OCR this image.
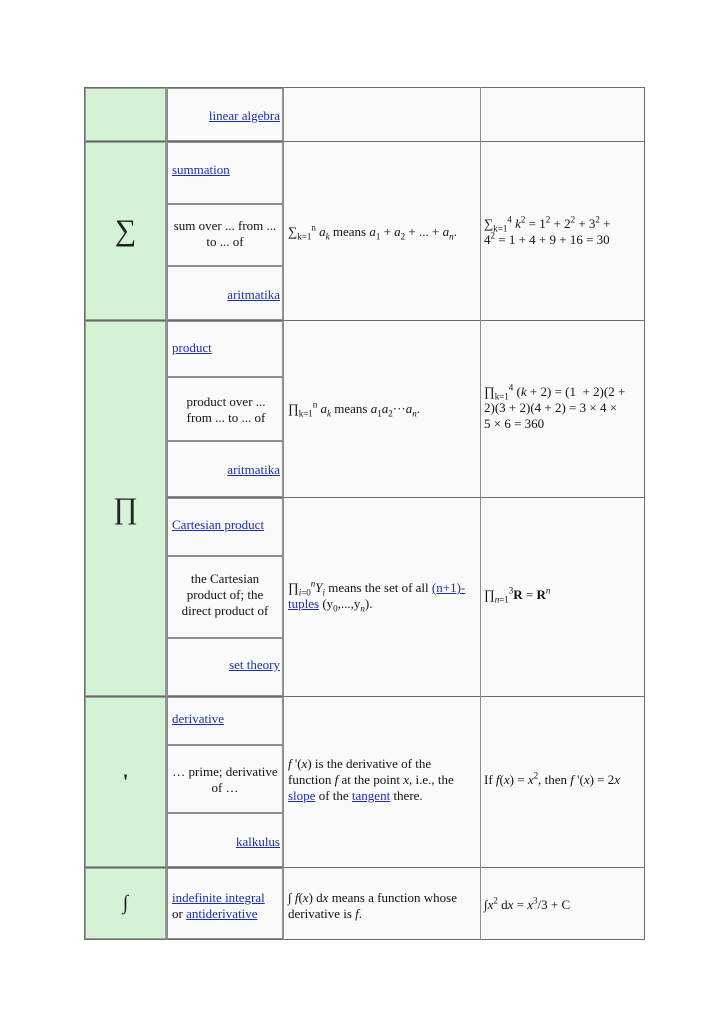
linear algebra
∑
summation
sum over ... from ... to ... of
aritmatika
$\sum_{k=1}^n$ $a_k$ means $a_1 + a_2$ + ... + $a_n$.
$\sum_{k=1}^4$ $k^2 = 1^2 + 2^2 + 3^2$ +
$4^2 = 1 + 4 + 9 + 16 = 30$
∏
product
product over ... from ... to ... of
aritmatika
$\prod_{k=1}^n$ $a_k$ means $a_1a_2\cdot\cdot\cdot a_n$.
$\prod_{k=1}^4$ (k + 2) = (1  + 2)(2 +
2)(3 + 2)(4 + 2) = 3 × 4 ×
5 × 6 = 360
Cartesian product
the Cartesian product of; the direct product of
set theory
$\prod_{i=0}^nY_i$ means the set of all (n+1)-
tuples $(y_0,...,y_n)$.
$\prod_{n=1}^3R = R^n$
'
derivative
… prime; derivative of …
kalkulus
f '(x) is the derivative of the
function f at the point x, i.e., the
slope of the tangent there.
If $f(x) = x^2$, then f '(x) = 2x
∫	indefinite integral
or antiderivative
∫ f(x) dx means a function whose
derivative is f.
$\int x^2$ dx = $x^3/3 + C$
